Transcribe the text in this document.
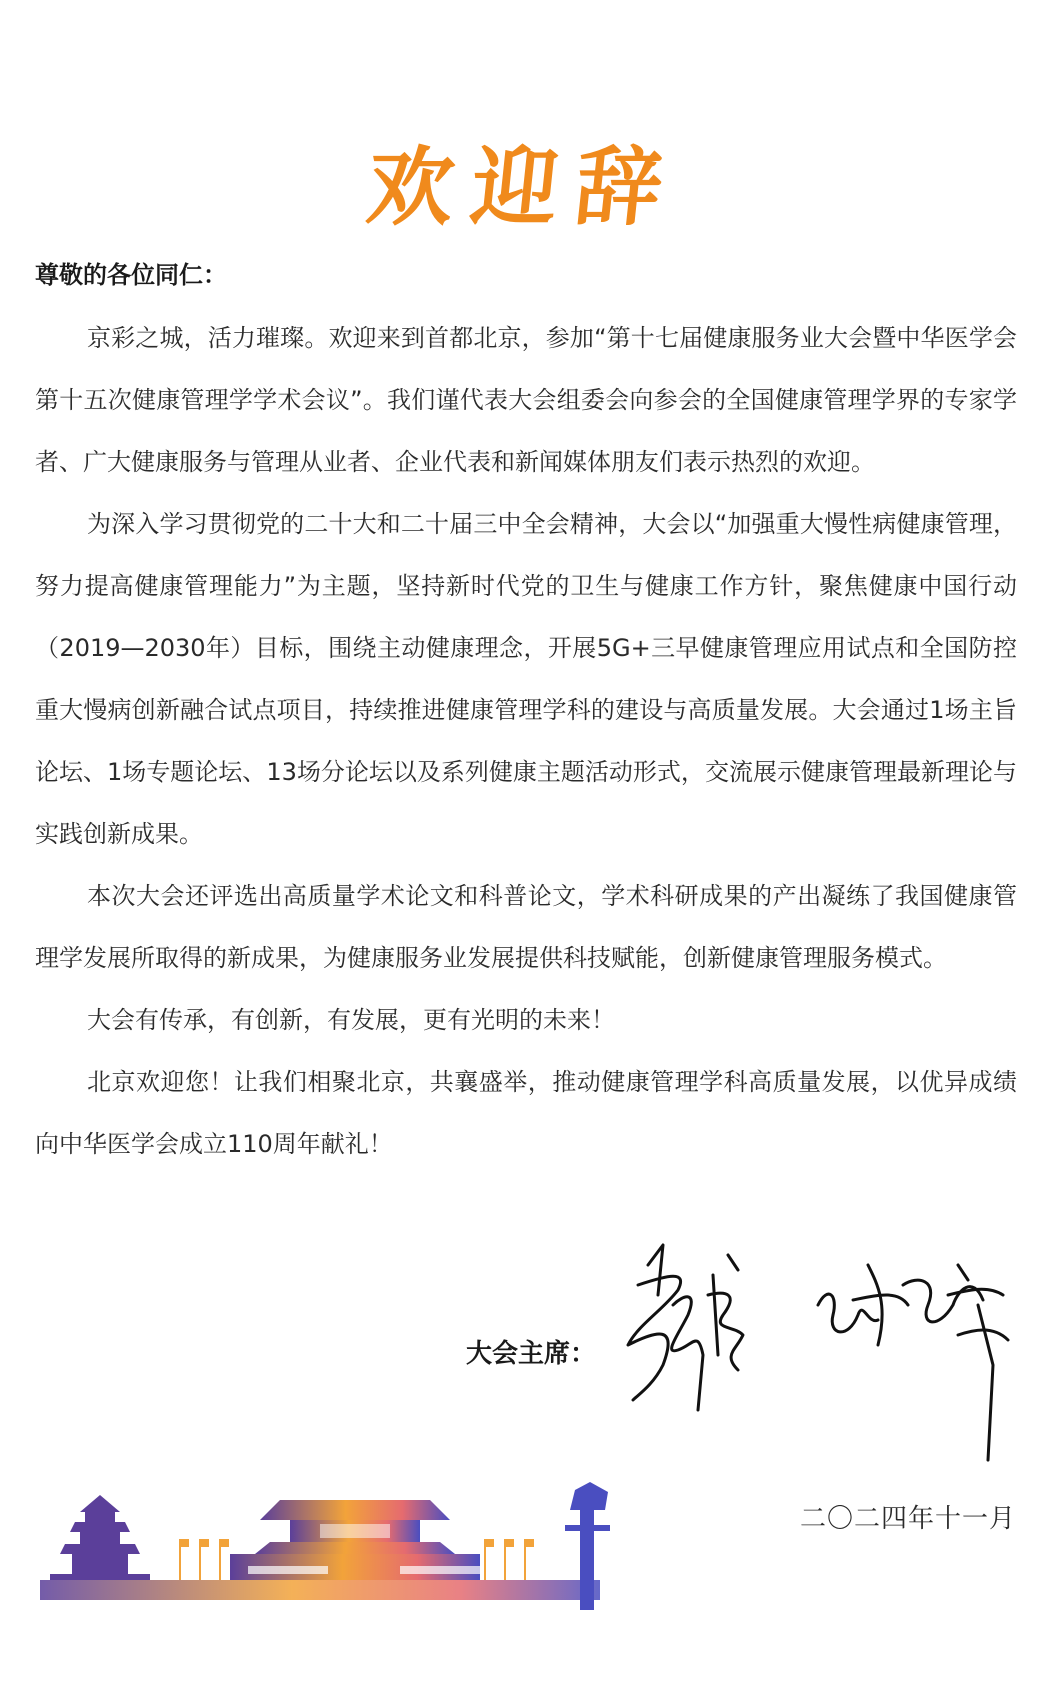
欢迎辞
尊敬的各位同仁：

京彩之城，活力璀璨。欢迎来到首都北京，参加“第十七届健康服务业大会暨中华医学会第十五次健康管理学学术会议”。我们谨代表大会组委会向参会的全国健康管理学界的专家学者、广大健康服务与管理从业者、企业代表和新闻媒体朋友们表示热烈的欢迎。

为深入学习贯彻党的二十大和二十届三中全会精神，大会以“加强重大慢性病健康管理，努力提高健康管理能力”为主题，坚持新时代党的卫生与健康工作方针，聚焦健康中国行动（2019—2030年）目标，围绕主动健康理念，开展5G+三早健康管理应用试点和全国防控重大慢病创新融合试点项目，持续推进健康管理学科的建设与高质量发展。大会通过1场主旨论坛、1场专题论坛、13场分论坛以及系列健康主题活动形式，交流展示健康管理最新理论与实践创新成果。

本次大会还评选出高质量学术论文和科普论文，学术科研成果的产出凝练了我国健康管理学发展所取得的新成果，为健康服务业发展提供科技赋能，创新健康管理服务模式。

大会有传承，有创新，有发展，更有光明的未来！

北京欢迎您！让我们相聚北京，共襄盛举，推动健康管理学科高质量发展，以优异成绩向中华医学会成立110周年献礼！

大会主席：
二〇二四年十一月
